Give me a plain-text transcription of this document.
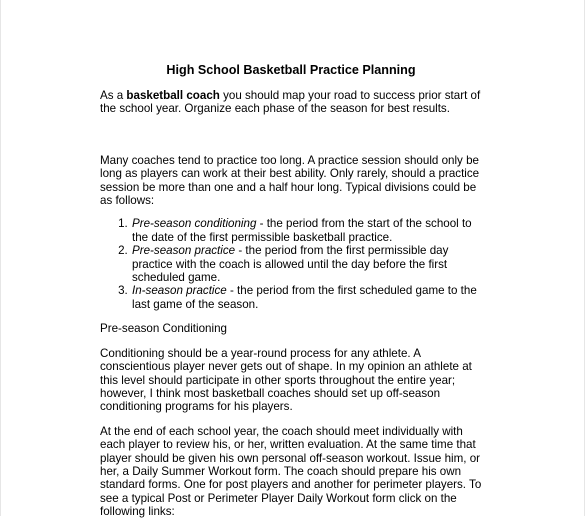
High School Basketball Practice Planning

As a basketball coach you should map your road to success prior start of the school year. Organize each phase of the season for best results.

Many coaches tend to practice too long. A practice session should only be long as players can work at their best ability. Only rarely, should a practice session be more than one and a half hour long. Typical divisions could be as follows:

1. Pre-season conditioning - the period from the start of the school to the date of the first permissible basketball practice.
2. Pre-season practice - the period from the first permissible day practice with the coach is allowed until the day before the first scheduled game.
3. In-season practice - the period from the first scheduled game to the last game of the season.

Pre-season Conditioning

Conditioning should be a year-round process for any athlete. A conscientious player never gets out of shape. In my opinion an athlete at this level should participate in other sports throughout the entire year; however, I think most basketball coaches should set up off-season conditioning programs for his players.

At the end of each school year, the coach should meet individually with each player to review his, or her, written evaluation. At the same time that player should be given his own personal off-season workout. Issue him, or her, a Daily Summer Workout form. The coach should prepare his own standard forms. One for post players and another for perimeter players. To see a typical Post or Perimeter Player Daily Workout form click on the following links:
